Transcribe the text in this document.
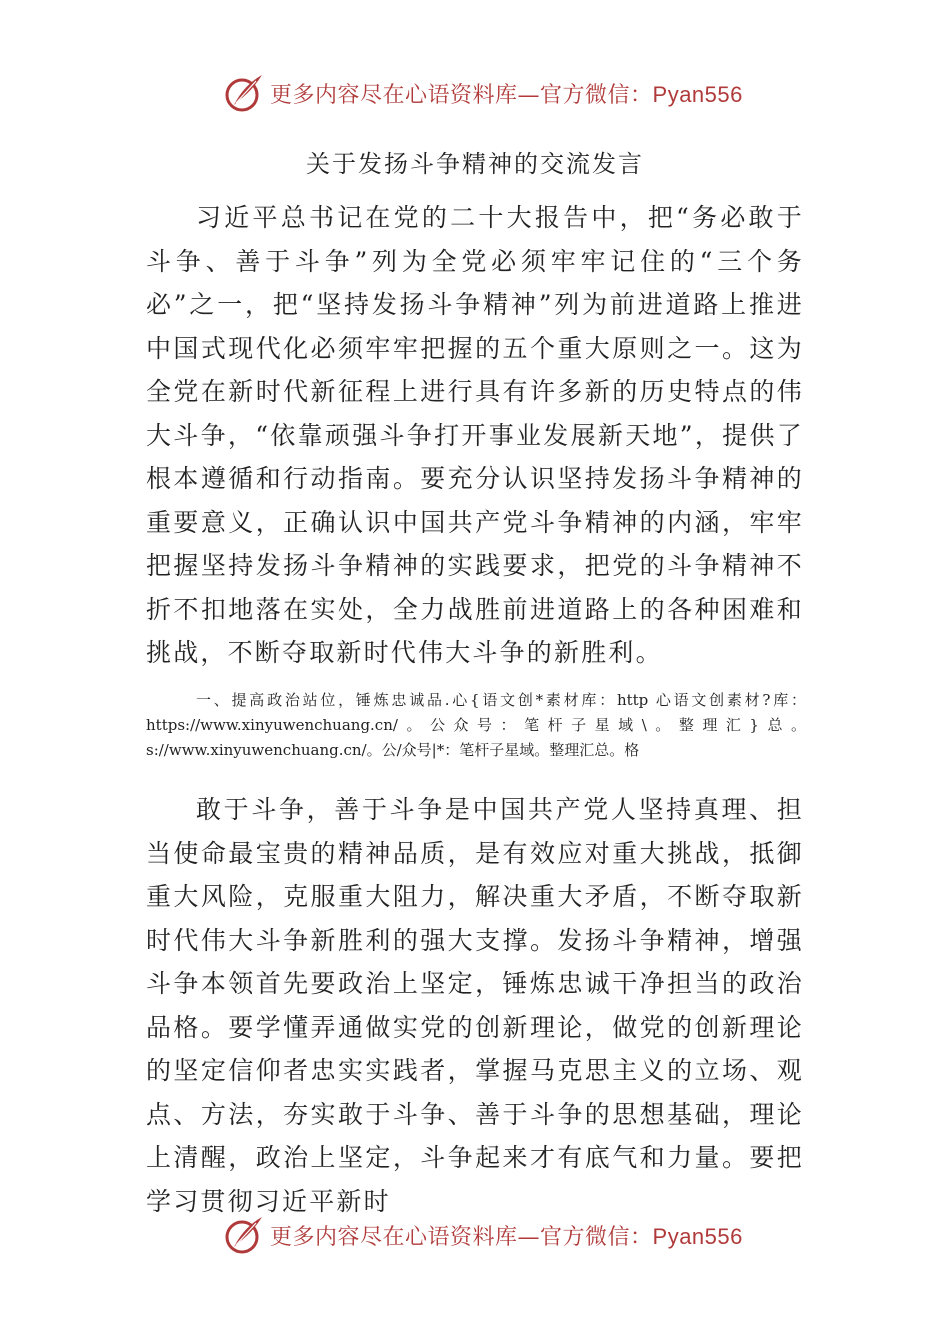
更多内容尽在心语资料库—官方微信：Pyan556
关于发扬斗争精神的交流发言

习近平总书记在党的二十大报告中，把“务必敢于斗争、善于斗争”列为全党必须牢牢记住的“三个务必”之一，把“坚持发扬斗争精神”列为前进道路上推进中国式现代化必须牢牢把握的五个重大原则之一。这为全党在新时代新征程上进行具有许多新的历史特点的伟大斗争，“依靠顽强斗争打开事业发展新天地”，提供了根本遵循和行动指南。要充分认识坚持发扬斗争精神的重要意义，正确认识中国共产党斗争精神的内涵，牢牢把握坚持发扬斗争精神的实践要求，把党的斗争精神不折不扣地落在实处，全力战胜前进道路上的各种困难和挑战，不断夺取新时代伟大斗争的新胜利。

一、提高政治站位，锤炼忠诚品.心{语文创*素材库：http 心语文创素材?库：https://www.xinyuwenchuang.cn/。公众号：笔杆子星域\。整理汇}总。s://www.xinyuwenchuang.cn/。公/众号|*：笔杆子星域。整理汇总。格

敢于斗争，善于斗争是中国共产党人坚持真理、担当使命最宝贵的精神品质，是有效应对重大挑战，抵御重大风险，克服重大阻力，解决重大矛盾，不断夺取新时代伟大斗争新胜利的强大支撑。发扬斗争精神，增强斗争本领首先要政治上坚定，锤炼忠诚干净担当的政治品格。要学懂弄通做实党的创新理论，做党的创新理论的坚定信仰者忠实实践者，掌握马克思主义的立场、观点、方法，夯实敢于斗争、善于斗争的思想基础，理论上清醒，政治上坚定，斗争起来才有底气和力量。要把学习贯彻习近平新时

更多内容尽在心语资料库—官方微信：Pyan556
